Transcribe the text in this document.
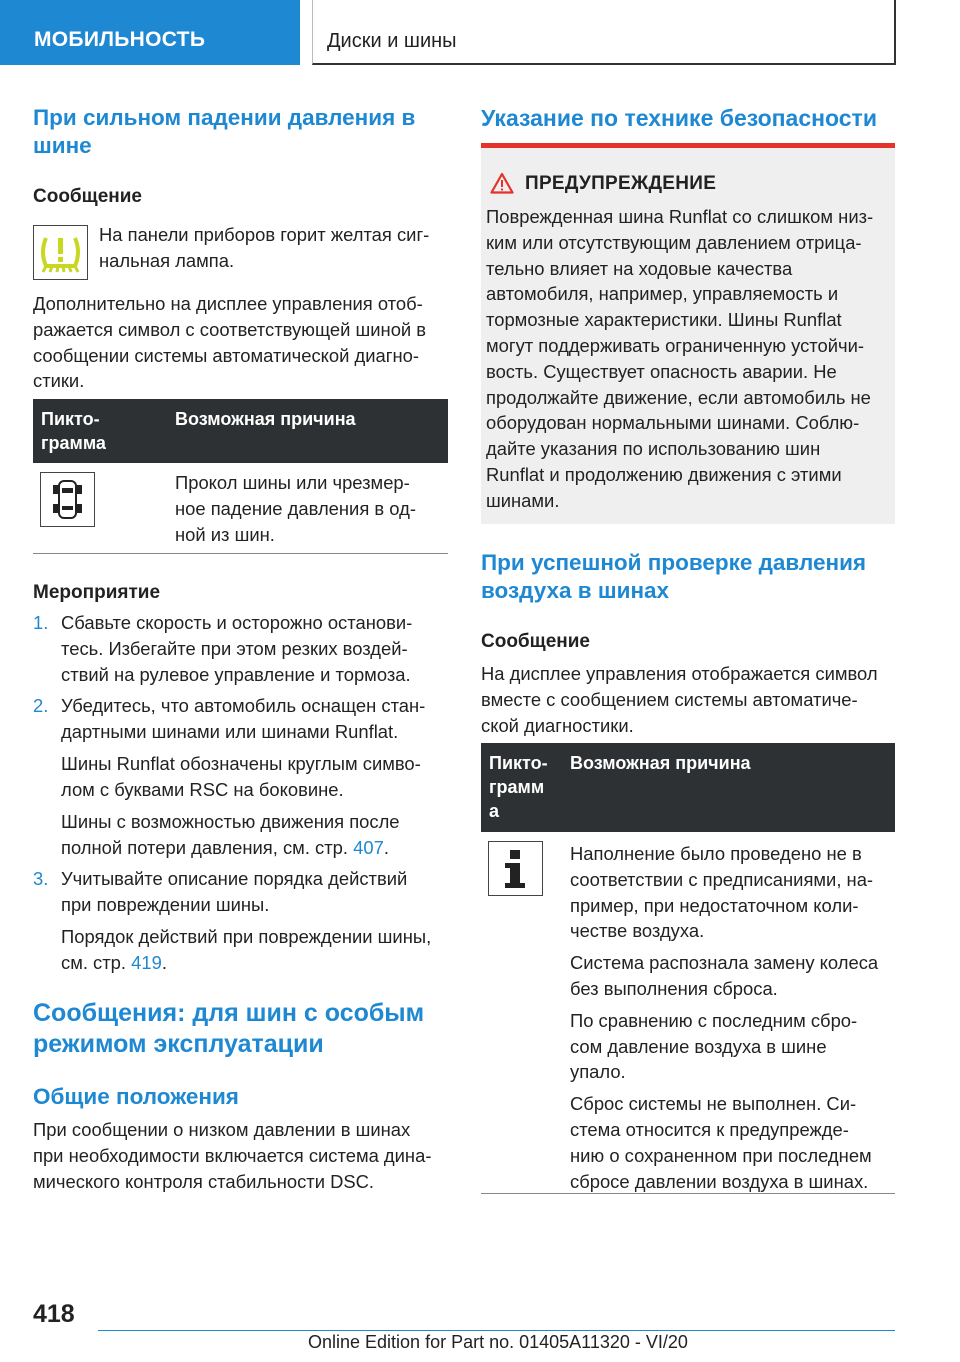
МОБИЛЬНОСТЬ	Диски и шины
При сильном падении давления в
шине
Сообщение
На панели приборов горит желтая сиг-
нальная лампа.
Дополнительно на дисплее управления отоб-
ражается символ с соответствующей шиной в
сообщении системы автоматической диагно-
стики.
Пикто-
грамма
Возможная причина
Прокол шины или чрезмер-
ное падение давления в од-
ной из шин.
Мероприятие
1. Сбавьте скорость и осторожно останови-
тесь. Избегайте при этом резких воздей-
ствий на рулевое управление и тормоза.
2. Убедитесь, что автомобиль оснащен стан-
дартными шинами или шинами Runflat.
Шины Runflat обозначены круглым симво-
лом с буквами RSC на боковине.
Шины с возможностью движения после
полной потери давления, см. стр. 407.
3. Учитывайте описание порядка действий
при повреждении шины.
Порядок действий при повреждении шины,
см. стр. 419.
Сообщения: для шин с особым
режимом эксплуатации
Общие положения
При сообщении о низком давлении в шинах
при необходимости включается система дина-
мического контроля стабильности DSC.
Указание по технике безопасности
ПРЕДУПРЕЖДЕНИЕ
Поврежденная шина Runflat со слишком низ-
ким или отсутствующим давлением отрица-
тельно влияет на ходовые качества
автомобиля, например, управляемость и
тормозные характеристики. Шины Runflat
могут поддерживать ограниченную устойчи-
вость. Существует опасность аварии. Не
продолжайте движение, если автомобиль не
оборудован нормальными шинами. Соблю-
дайте указания по использованию шин
Runflat и продолжению движения с этими
шинами.
При успешной проверке давления
воздуха в шинах
Сообщение
На дисплее управления отображается символ
вместе с сообщением системы автоматиче-
ской диагностики.
Пикто-
грамм
а
Возможная причина
Наполнение было проведено не в
соответствии с предписаниями, на-
пример, при недостаточном коли-
честве воздуха.
Система распознала замену колеса
без выполнения сброса.
По сравнению с последним сбро-
сом давление воздуха в шине
упало.
Сброс системы не выполнен. Си-
стема относится к предупрежде-
нию о сохраненном при последнем
сбросе давлении воздуха в шинах.
418
Online Edition for Part no. 01405A11320 - VI/20
